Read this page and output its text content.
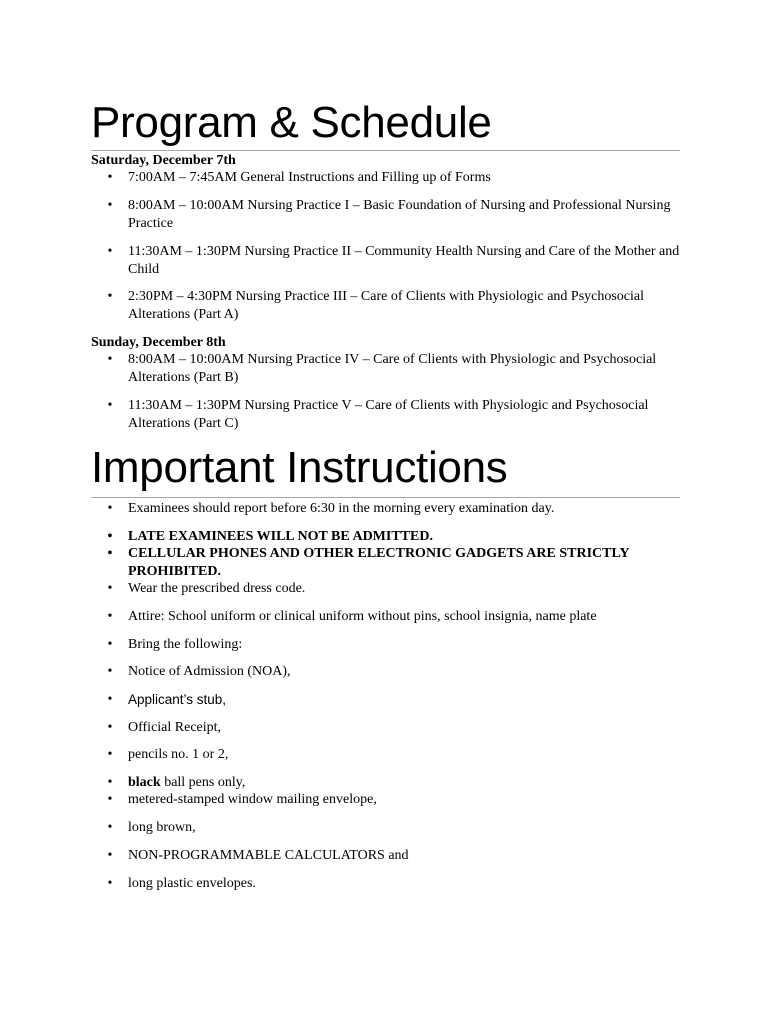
Program & Schedule
Saturday, December 7th
• 7:00AM – 7:45AM General Instructions and Filling up of Forms
• 8:00AM – 10:00AM Nursing Practice I – Basic Foundation of Nursing and Professional Nursing Practice
• 11:30AM – 1:30PM Nursing Practice II – Community Health Nursing and Care of the Mother and Child
• 2:30PM – 4:30PM Nursing Practice III – Care of Clients with Physiologic and Psychosocial Alterations (Part A)
Sunday, December 8th
• 8:00AM – 10:00AM Nursing Practice IV – Care of Clients with Physiologic and Psychosocial Alterations (Part B)
• 11:30AM – 1:30PM Nursing Practice V – Care of Clients with Physiologic and Psychosocial Alterations (Part C)
Important Instructions
• Examinees should report before 6:30 in the morning every examination day.
• LATE EXAMINEES WILL NOT BE ADMITTED.
• CELLULAR PHONES AND OTHER ELECTRONIC GADGETS ARE STRICTLY PROHIBITED.
• Wear the prescribed dress code.
• Attire: School uniform or clinical uniform without pins, school insignia, name plate
• Bring the following:
• Notice of Admission (NOA),
• Applicant’s stub,
• Official Receipt,
• pencils no. 1 or 2,
• black ball pens only,
• metered-stamped window mailing envelope,
• long brown,
• NON-PROGRAMMABLE CALCULATORS and
• long plastic envelopes.
